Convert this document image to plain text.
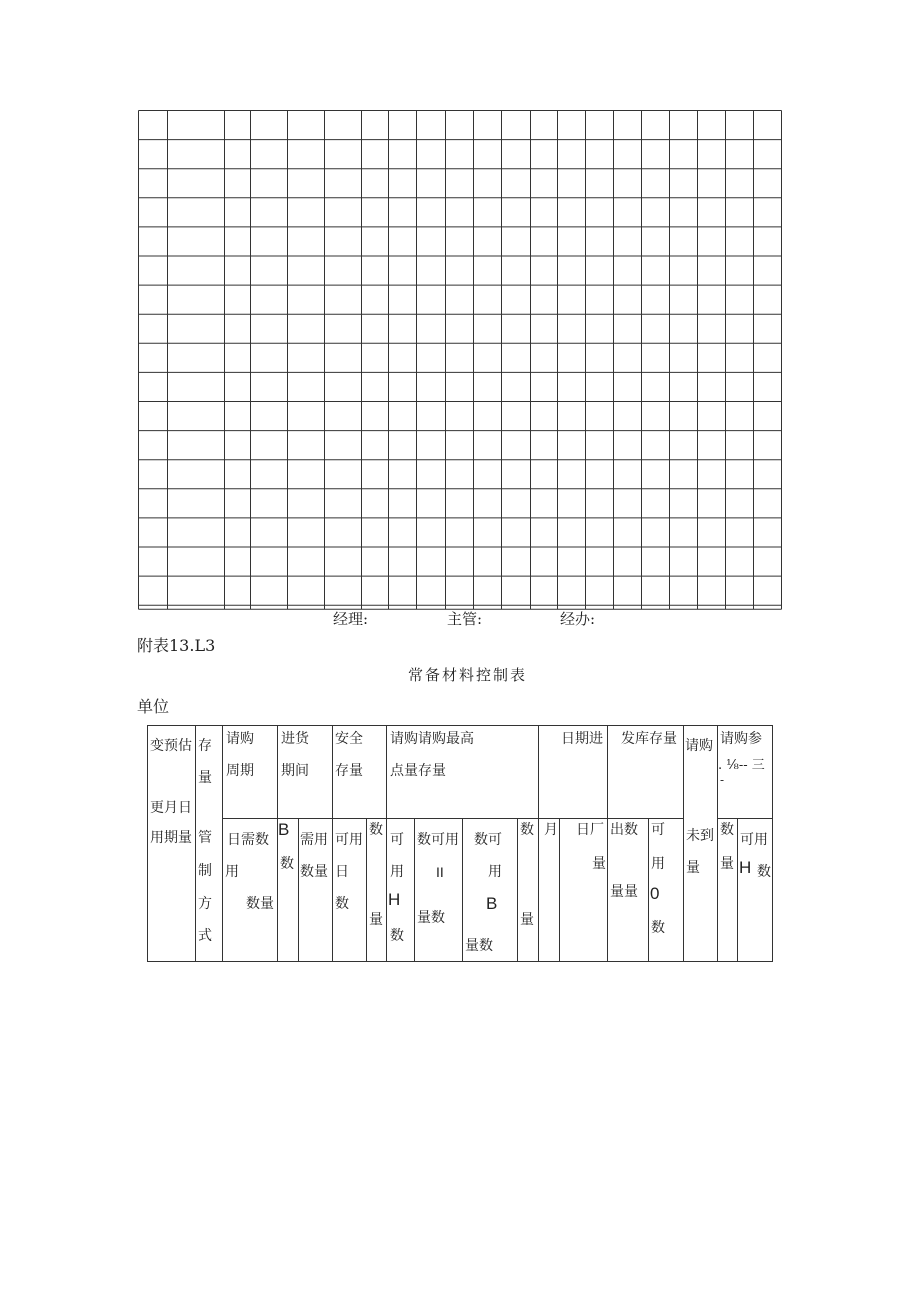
经理:	主管:	经办:
附表13.L3
常备材料控制表
单位
变预估 存
量
更月日
用期量 管
制
方
式
请购
周期
进货
期间
安全
存量
请购请购最高
点量存量
日期进 发库存量 请购 请购参
. ⅛-- 三
-
日需数
用
数量
B
数
需用
数量
可用
日
数
数
量
可
用
H
数
数可用
II
量数
数可
用
B
量数
数
量
月 日厂
量
出数
量量
可
用
0
数
未到
量
数
量
可用
H 数
